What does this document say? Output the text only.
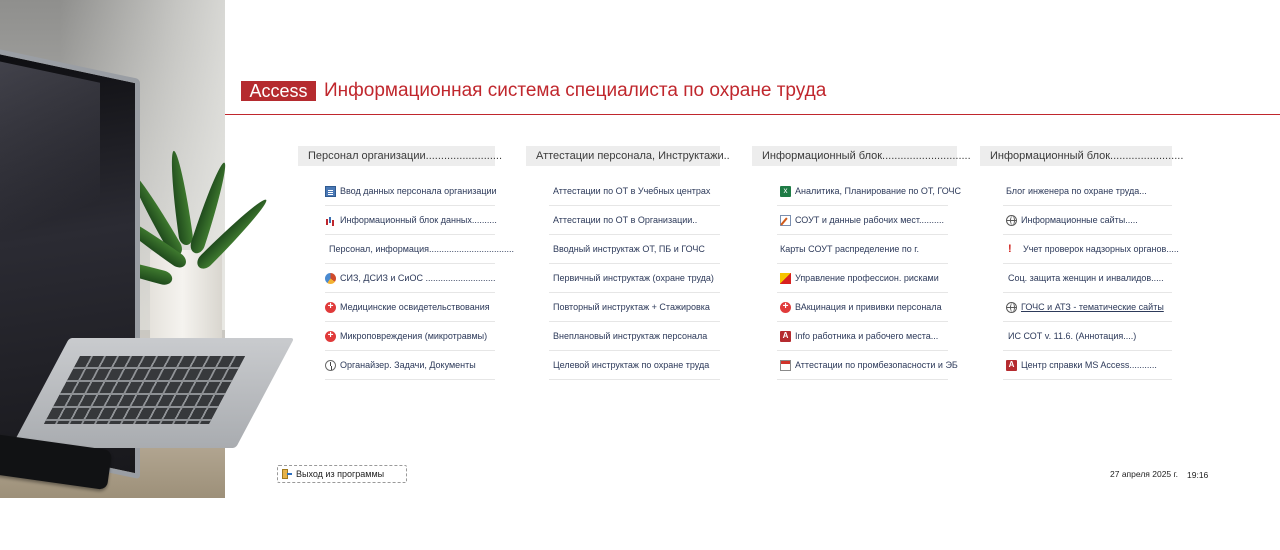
Access Информационная система специалиста по охране труда
Персонал организации.........................	Аттестации персонала, Инструктажи..	Информационный блок.............................	Информационный блок........................
Ввод данных персонала организации
Информационный блок данных..........
Персонал, информация..................................
СИЗ, ДСИЗ и СиОС ............................
+
Медицинские освидетельствования
+
Микроповреждения (микротравмы)
Органайзер. Задачи, Документы
Аттестации по ОТ в Учебных центрах
Аттестации по ОТ в Организации..
Вводный инструктаж ОТ, ПБ и ГОЧС
Первичный инструктаж (охране труда)
Повторный инструктаж + Стажировка
Внеплановый инструктаж персонала
Целевой инструктаж по охране труда
x
Аналитика, Планирование по ОТ, ГОЧС
СОУТ и данные рабочих мест..........
Карты СОУТ распределение по г.
Управление профессион. рисками
+
ВАкцинация и прививки персонала
A
Info работника и рабочего места...
Аттестации по промбезопасности и ЭБ
Блог инженера по охране труда...
Информационные сайты.....
!
Учет проверок надзорных органов.....
Соц. защита женщин и инвалидов.....
ГОЧС и АТЗ - тематические сайты
ИС СОТ v. 11.6. (Аннотация....)
A
Центр справки MS Access...........
Выход из программы	27 апреля 2025 г. 19:16
